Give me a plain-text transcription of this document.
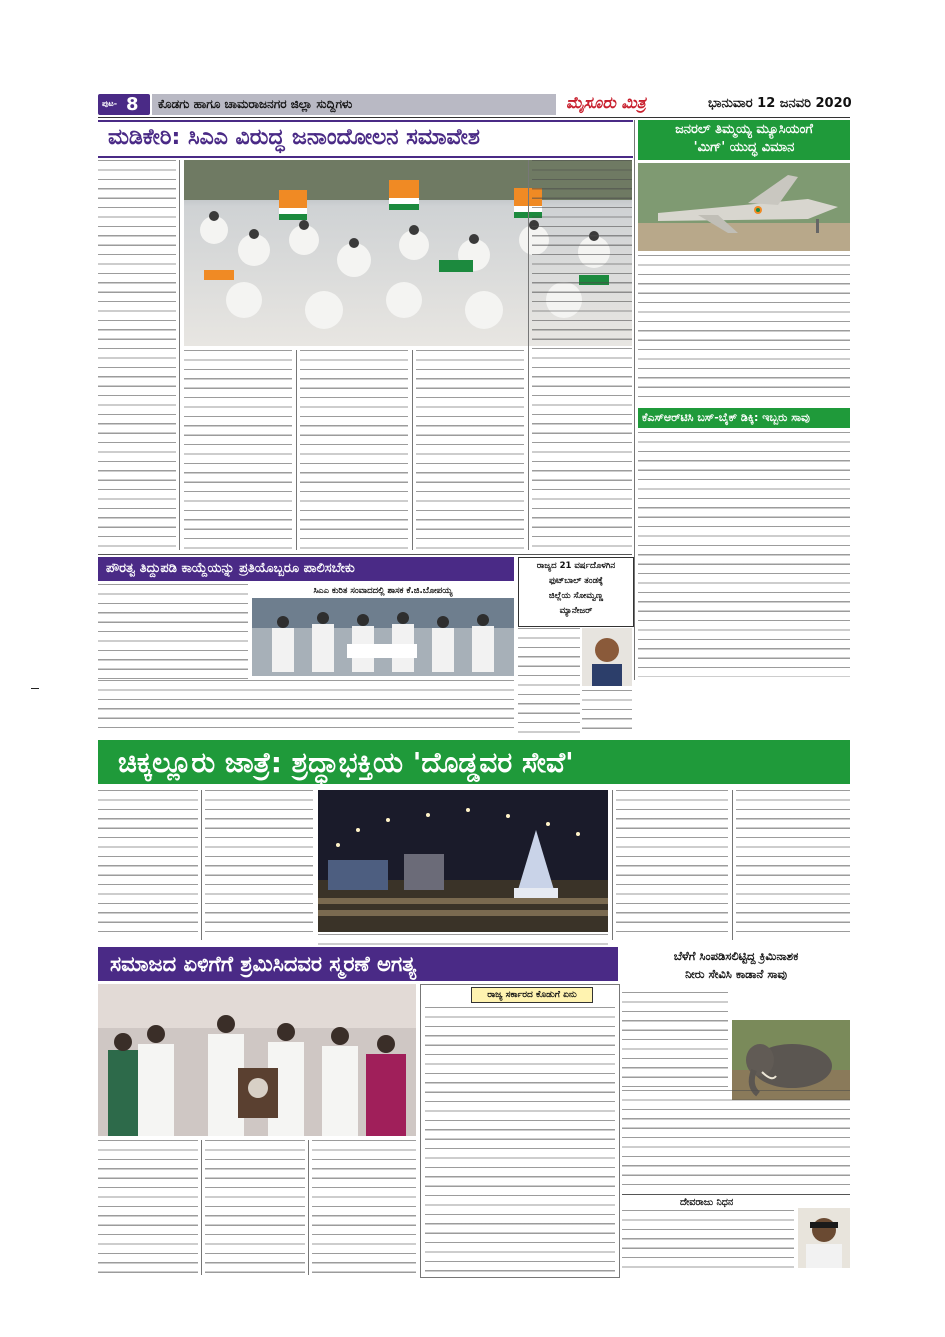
ಪುಟ- 8 ಕೊಡಗು ಹಾಗೂ ಚಾಮರಾಜನಗರ ಜಿಲ್ಲಾ ಸುದ್ದಿಗಳು	ಮೈಸೂರು ಮಿತ್ರ	ಭಾನುವಾರ 12 ಜನವರಿ 2020
ಮಡಿಕೇರಿ: ಸಿಎಎ ವಿರುದ್ಧ ಜನಾಂದೋಲನ ಸಮಾವೇಶ	ಜನರಲ್ ತಿಮ್ಮಯ್ಯ ಮ್ಯೂಸಿಯಂಗೆ
'ಮಿಗ್' ಯುದ್ಧ ವಿಮಾನ
ಕೆಎಸ್‌ಆರ್‌ಟಿಸಿ ಬಸ್-ಬೈಕ್ ಡಿಕ್ಕಿ: ಇಬ್ಬರು ಸಾವು
ಪೌರತ್ವ ತಿದ್ದುಪಡಿ ಕಾಯ್ದೆಯನ್ನು ಪ್ರತಿಯೊಬ್ಬರೂ ಪಾಲಿಸಬೇಕು
ಸಿಎಎ ಕುರಿತ ಸಂವಾದದಲ್ಲಿ ಶಾಸಕ ಕೆ.ಜಿ.ಬೋಪಯ್ಯ
ರಾಜ್ಯದ 21 ವರ್ಷದೊಳಗಿನ
ಫುಟ್‌ಬಾಲ್ ತಂಡಕ್ಕೆ
ಜಿಲ್ಲೆಯ ಸೋಮ್ವಣ್ಣ
ಮ್ಯಾನೇಜರ್
ಚಿಕ್ಕಲ್ಲೂರು ಜಾತ್ರೆ: ಶ್ರದ್ಧಾಭಕ್ತಿಯ 'ದೊಡ್ಡವರ ಸೇವೆ'
ಸಮಾಜದ ಏಳಿಗೆಗೆ ಶ್ರಮಿಸಿದವರ ಸ್ಮರಣೆ ಅಗತ್ಯ
ರಾಜ್ಯ ಸರ್ಕಾರದ ಕೊಡುಗೆ ಏನು
ಬೆಳೆಗೆ ಸಿಂಪಡಿಸಲಿಟ್ಟಿದ್ದ ಕ್ರಿಮಿನಾಶಕ
ನೀರು ಸೇವಿಸಿ ಕಾಡಾನೆ ಸಾವು
ದೇವರಾಜು ನಿಧನ
